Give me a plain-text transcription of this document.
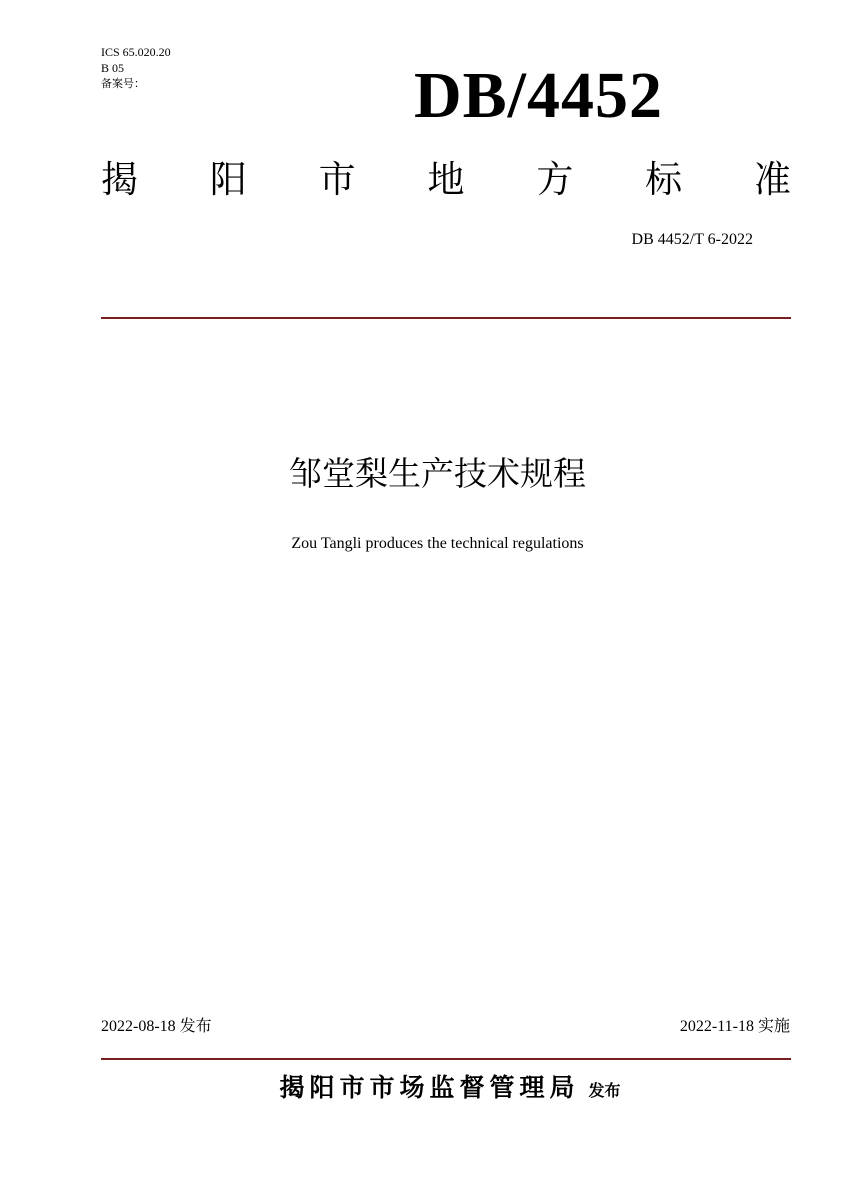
ICS 65.020.20
B 05
备案号：	DB/4452
揭 阳 市 地 方 标 准
DB 4452/T 6-2022
邹堂梨生产技术规程
Zou Tangli produces the technical regulations
2022-08-18 发布	2022-11-18 实施
揭阳市市场监督管理局 发布
